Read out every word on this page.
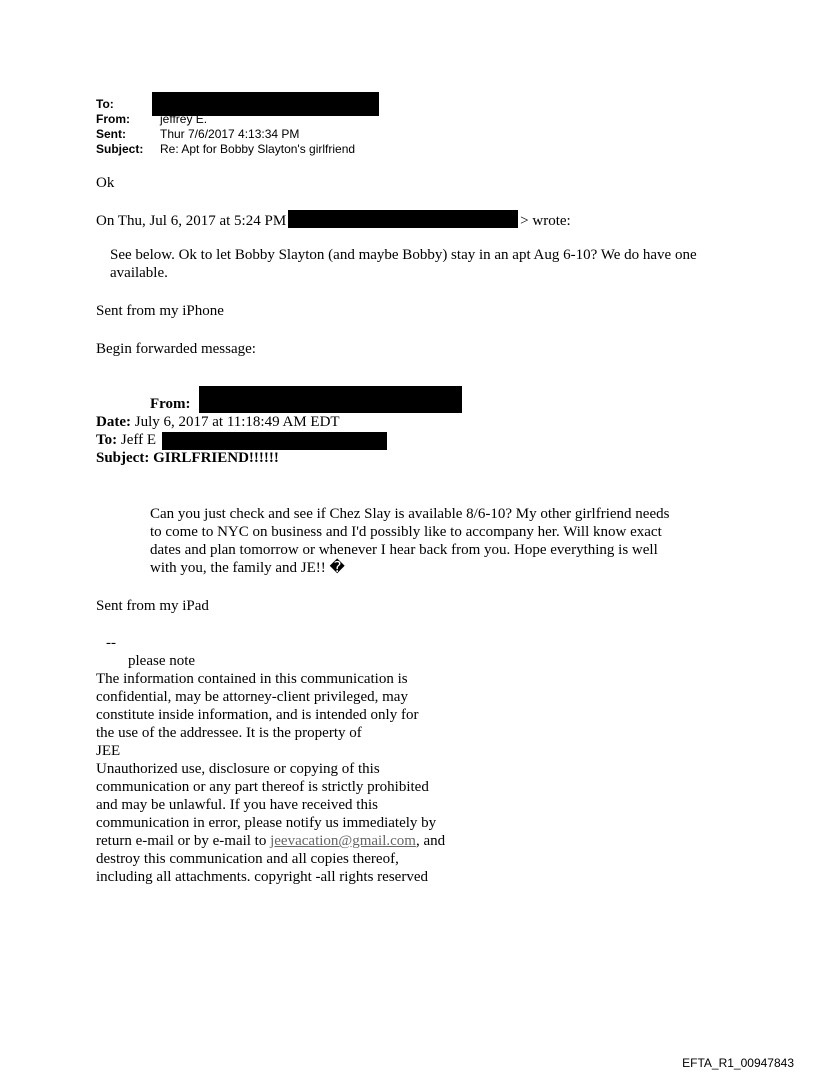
To:
From:	jeffrey E.
Sent:	Thur 7/6/2017 4:13:34 PM
Subject: Re: Apt for Bobby Slayton's girlfriend
Ok
On Thu, Jul 6, 2017 at 5:24 PM	> wrote:
See below. Ok to let Bobby Slayton (and maybe Bobby) stay in an apt Aug 6-10? We do have one available.
Sent from my iPhone
Begin forwarded message:
From:
Date: July 6, 2017 at 11:18:49 AM EDT
To: Jeff E
Subject: GIRLFRIEND!!!!!!
Can you just check and see if Chez Slay is available 8/6-10? My other girlfriend needs to come to NYC on business and I'd possibly like to accompany her. Will know exact dates and plan tomorrow or whenever I hear back from you. Hope everything is well with you, the family and JE!! �
Sent from my iPad
--
please note
The information contained in this communication is
confidential, may be attorney-client privileged, may
constitute inside information, and is intended only for
the use of the addressee. It is the property of
JEE
Unauthorized use, disclosure or copying of this
communication or any part thereof is strictly prohibited
and may be unlawful. If you have received this
communication in error, please notify us immediately by
return e-mail or by e-mail to jeevacation@gmail.com, and
destroy this communication and all copies thereof,
including all attachments. copyright -all rights reserved
EFTA_R1_00947843
